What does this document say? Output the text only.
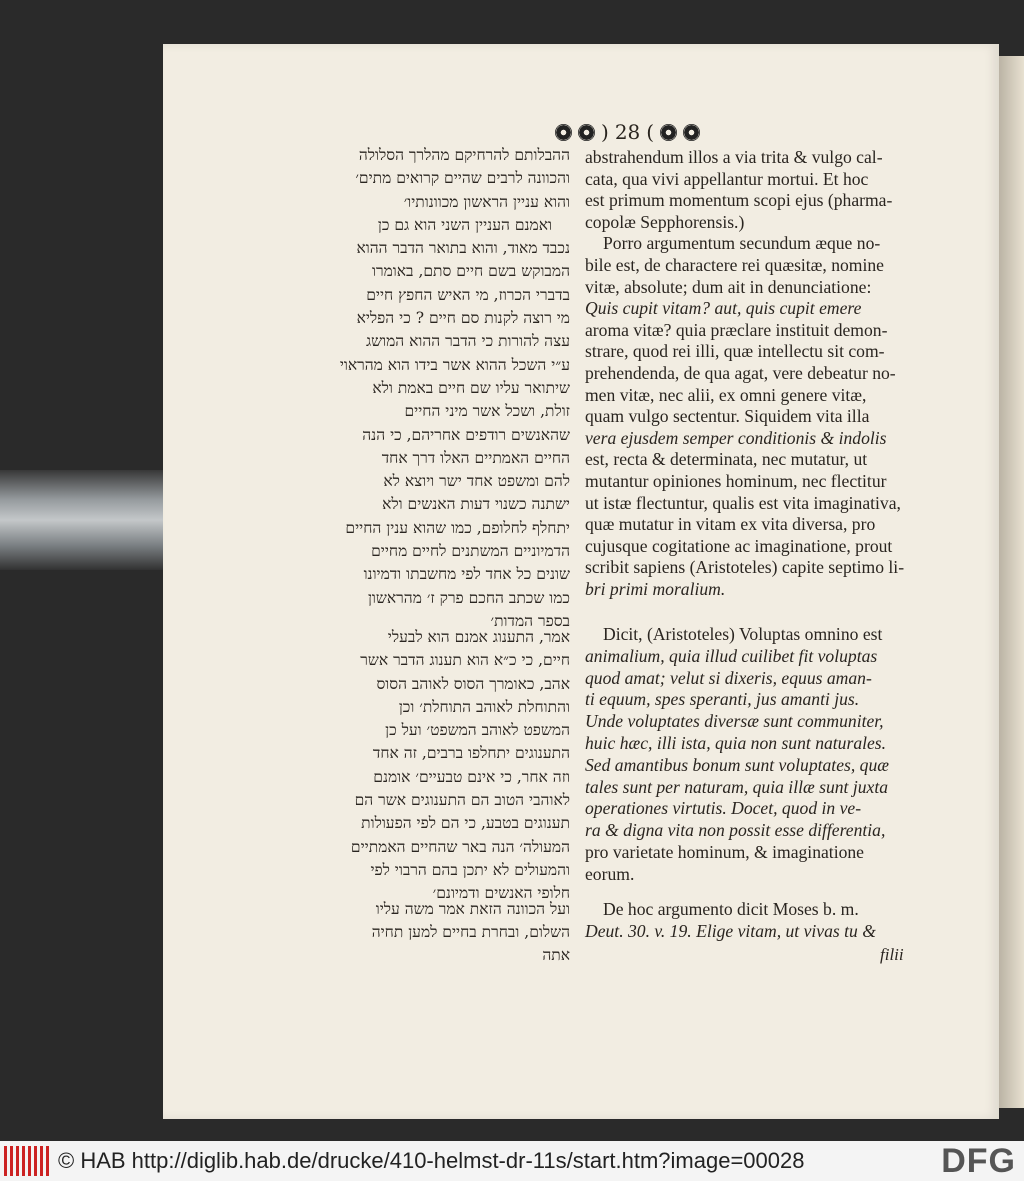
) 28 (

ההבלותם להרחיקם מהלרך הסלולה

והכוונה לרבים שהיים קרואים מתים׳

והוא עניין הראשון מכוונותיו׳

ואמנם העניין השני הוא גם כן

נכבד מאוד, והוא בתואר הדבר ההוא

המבוקש בשם חיים סתם, באומרו

בדברי הכרוז, מי האיש החפץ חיים

מי רוצה לקנות סם חיים ? כי הפליא

עצה להורות כי הדבר ההוא המושג

ע״י השכל ההוא אשר בידו הוא מהראוי

שיתואר עליו שם חיים באמת ולא

זולת, ושכל אשר מיני החיים

שהאנשים רודפים אחריהם, כי הנה

החיים האמתיים האלו דרך אחד

להם ומשפט אחד ישר ויוצא לא

ישתנה כשנוי דעות האנשים ולא

יתחלף לחלופם, כמו שהוא ענין החיים

הדמיוניים המשתנים לחיים מחיים

שונים כל אחד לפי מחשבתו ודמיונו

כמו שכתב החכם פרק ז׳ מהראשון

בספר המדות׳

abstrahendum illos a via trita & vulgo cal-

cata, qua vivi appellantur mortui. Et hoc

est primum momentum scopi ejus (pharma-

copolæ Sepphorensis.)

Porro argumentum secundum æque no-

bile est, de charactere rei quæsitæ, nomine

vitæ, absolute; dum ait in denunciatione:

Quis cupit vitam? aut, quis cupit emere

aroma vitæ? quia præclare instituit demon-

strare, quod rei illi, quæ intellectu sit com-

prehendenda, de qua agat, vere debeatur no-

men vitæ, nec alii, ex omni genere vitæ,

quam vulgo sectentur. Siquidem vita illa

vera ejusdem semper conditionis & indolis

est, recta & determinata, nec mutatur, ut

mutantur opiniones hominum, nec flectitur

ut istæ flectuntur, qualis est vita imaginativa,

quæ mutatur in vitam ex vita diversa, pro

cujusque cogitatione ac imaginatione, prout

scribit sapiens (Aristoteles) capite septimo li-

bri primi moralium.

אמר, התענוג אמנם הוא לבעלי

חיים, כי כ״א הוא תענוג הדבר אשר

אהב, כאומרך הסוס לאוהב הסוס

והתוחלת לאוהב התוחלת׳ וכן

המשפט לאוהב המשפט׳ ועל כן

התענוגים יתחלפו ברבים, זה אחד

וזה אחר, כי אינם טבעיים׳ אומנם

לאוהבי הטוב הם התענוגים אשר הם

תענוגים בטבע, כי הם לפי הפעולות

המעולה׳ הנה באר שהחיים האמתיים

והמעולים לא יתכן בהם הרבוי לפי

חלופי האנשים ודמיונם׳

Dicit, (Aristoteles) Voluptas omnino est

animalium, quia illud cuilibet fit voluptas

quod amat; velut si dixeris, equus aman-

ti equum, spes speranti, jus amanti jus.

Unde voluptates diversæ sunt communiter,

huic hæc, illi ista, quia non sunt naturales.

Sed amantibus bonum sunt voluptates, quæ

tales sunt per naturam, quia illæ sunt juxta

operationes virtutis. Docet, quod in ve-

ra & digna vita non possit esse differentia,

pro varietate hominum, & imaginatione

eorum.

ועל הכוונה הזאת אמר משה עליו

השלום, ובחרת בחיים למען תחיה

אתה

De hoc argumento dicit Moses b. m.

Deut. 30. v. 19. Elige vitam, ut vivas tu &

filii
© HAB http://diglib.hab.de/drucke/410-helmst-dr-11s/start.htm?image=00028	DFG
